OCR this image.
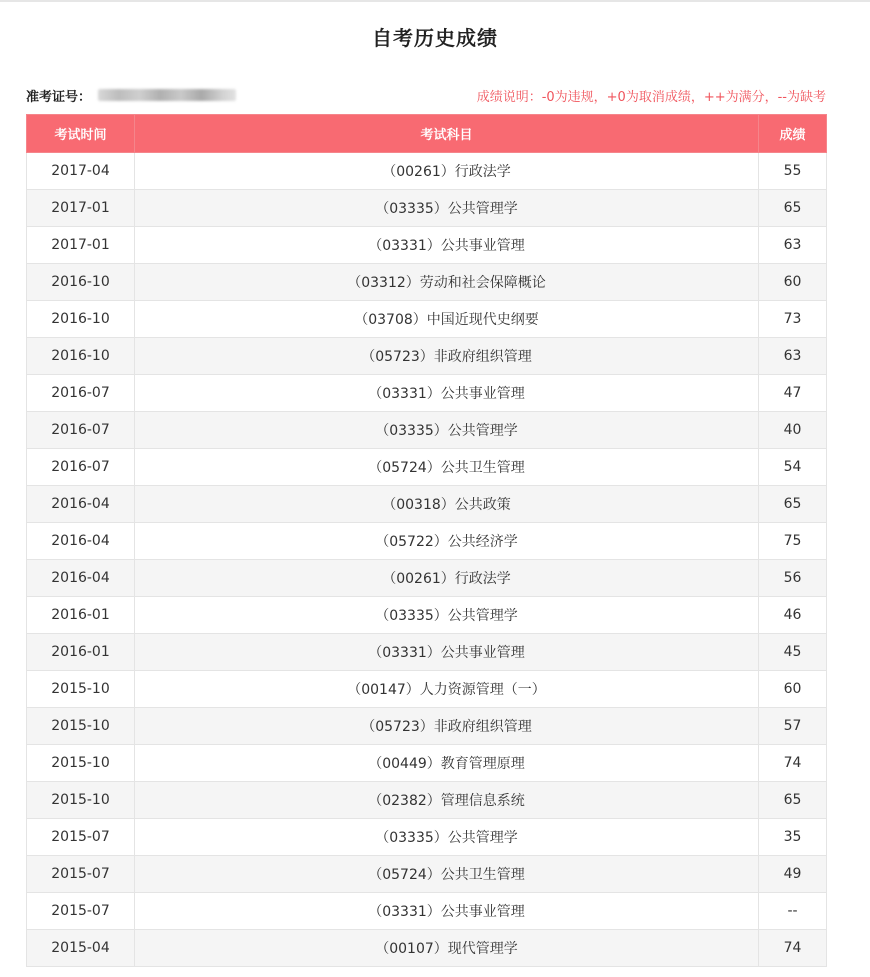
自考历史成绩
准考证号：	成绩说明：-0为违规，+0为取消成绩，++为满分，--为缺考
考试时间	考试科目	成绩
2017-04	（00261）行政法学	55
2017-01	（03335）公共管理学	65
2017-01	（03331）公共事业管理	63
2016-10	（03312）劳动和社会保障概论	60
2016-10	（03708）中国近现代史纲要	73
2016-10	（05723）非政府组织管理	63
2016-07	（03331）公共事业管理	47
2016-07	（03335）公共管理学	40
2016-07	（05724）公共卫生管理	54
2016-04	（00318）公共政策	65
2016-04	（05722）公共经济学	75
2016-04	（00261）行政法学	56
2016-01	（03335）公共管理学	46
2016-01	（03331）公共事业管理	45
2015-10	（00147）人力资源管理（一）	60
2015-10	（05723）非政府组织管理	57
2015-10	（00449）教育管理原理	74
2015-10	（02382）管理信息系统	65
2015-07	（03335）公共管理学	35
2015-07	（05724）公共卫生管理	49
2015-07	（03331）公共事业管理	--
2015-04	（00107）现代管理学	74
